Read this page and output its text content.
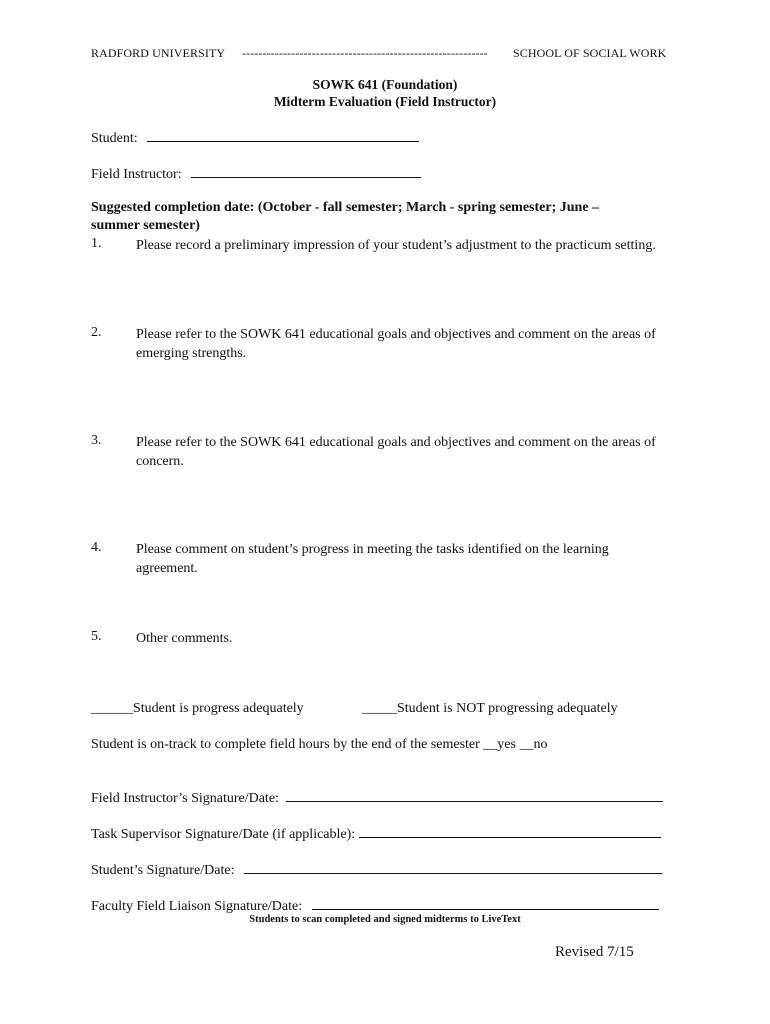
RADFORD UNIVERSITY ------------------------------------------------------------ SCHOOL OF SOCIAL WORK
SOWK 641 (Foundation)
Midterm Evaluation (Field Instructor)
Student:
Field Instructor:
Suggested completion date: (October - fall semester; March - spring semester; June –
summer semester)
1. Please record a preliminary impression of your student’s adjustment to the practicum setting.
2. Please refer to the SOWK 641 educational goals and objectives and comment on the areas of emerging strengths.
3. Please refer to the SOWK 641 educational goals and objectives and comment on the areas of concern.
4. Please comment on student’s progress in meeting the tasks identified on the learning agreement.
5. Other comments.
______Student is progress adequately	_____Student is NOT progressing adequately
Student is on-track to complete field hours by the end of the semester __yes __no
Field Instructor’s Signature/Date:
Task Supervisor Signature/Date (if applicable):
Student’s Signature/Date:
Faculty Field Liaison Signature/Date:
Students to scan completed and signed midterms to LiveText
Revised 7/15
